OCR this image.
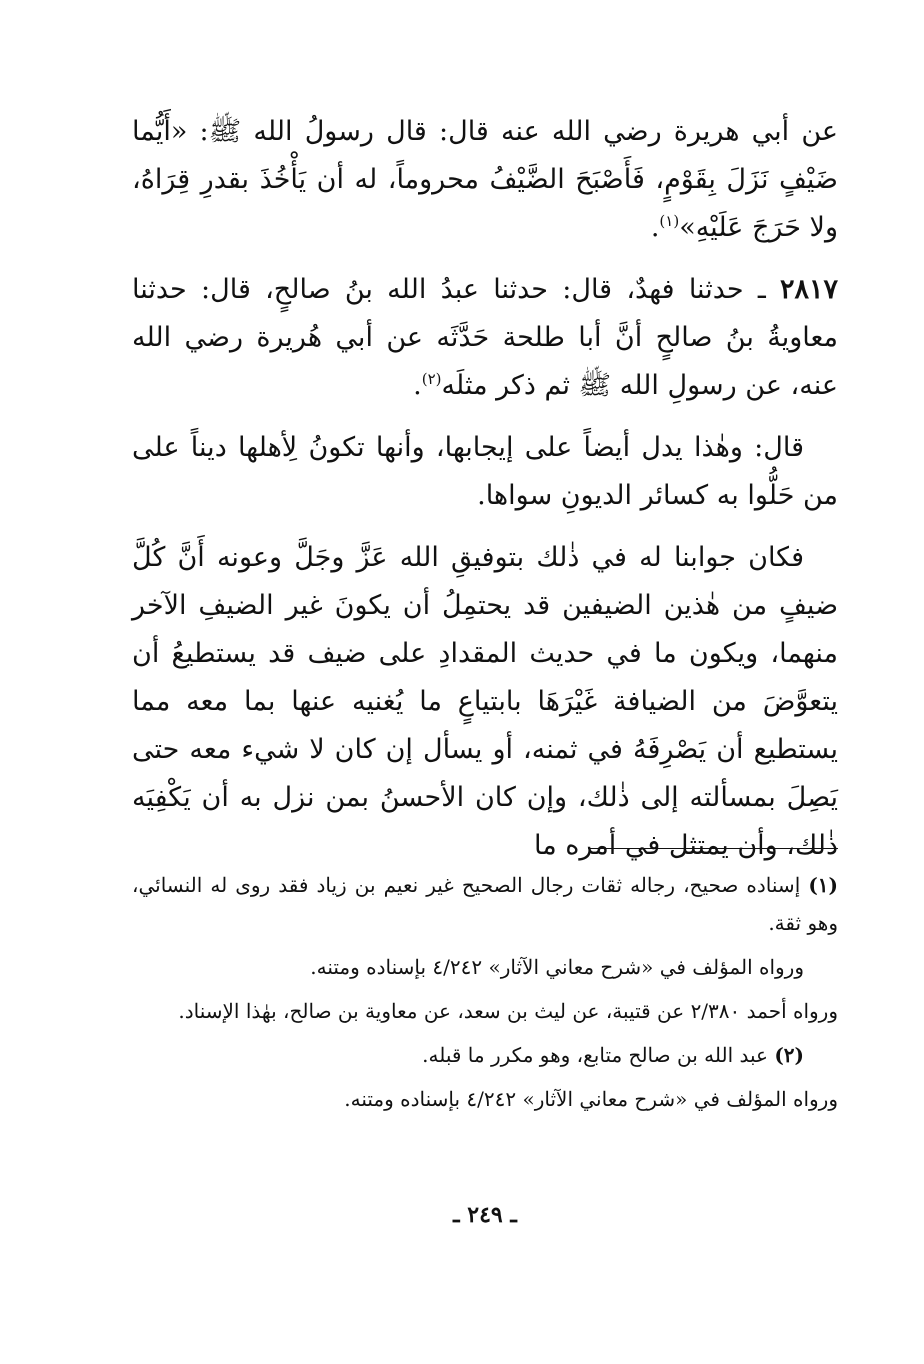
عن أبي هريرة رضي الله عنه قال: قال رسولُ الله ﷺ: «أَيُّما ضَيْفٍ نَزَلَ بِقَوْمٍ، فَأَصْبَحَ الضَّيْفُ محروماً، له أن يَأْخُذَ بقدرِ قِرَاهُ، ولا حَرَجَ عَلَيْهِ»$^{(١)}$.

٢٨١٧ ـ حدثنا فهدٌ، قال: حدثنا عبدُ الله بنُ صالحٍ، قال: حدثنا معاويةُ بنُ صالحٍ أنَّ أبا طلحة حَدَّثَه عن أبي هُريرة رضي الله عنه، عن رسولِ الله ﷺ ثم ذكر مثلَه$^{(٢)}$.

قال: وهٰذا يدل أيضاً على إيجابها، وأنها تكونُ لِأهلها ديناً على من حَلُّوا به كسائر الديونِ سواها.

فكان جوابنا له في ذٰلك بتوفيقِ الله عَزَّ وجَلَّ وعونه أَنَّ كُلَّ ضيفٍ من هٰذين الضيفين قد يحتمِلُ أن يكونَ غير الضيفِ الآخر منهما، ويكون ما في حديث المقدادِ على ضيف قد يستطيعُ أن يتعوَّضَ من الضيافة غَيْرَهَا بابتياعٍ ما يُغنيه عنها بما معه مما يستطيع أن يَصْرِفَهُ في ثمنه، أو يسأل إن كان لا شيء معه حتى يَصِلَ بمسألته إلى ذٰلك، وإن كان الأحسنُ بمن نزل به أن يَكْفِيَه ذٰلك، وأن يمتثل في أمره ما

(١) إسناده صحيح، رجاله ثقات رجال الصحيح غير نعيم بن زياد فقد روى له النسائي، وهو ثقة.

ورواه المؤلف في «شرح معاني الآثار» ٤/٢٤٢ بإسناده ومتنه.

ورواه أحمد ٢/٣٨٠ عن قتيبة، عن ليث بن سعد، عن معاوية بن صالح، بهٰذا الإسناد.

(٢) عبد الله بن صالح متابع، وهو مكرر ما قبله.

ورواه المؤلف في «شرح معاني الآثار» ٤/٢٤٢ بإسناده ومتنه.

ـ ٢٤٩ ـ
